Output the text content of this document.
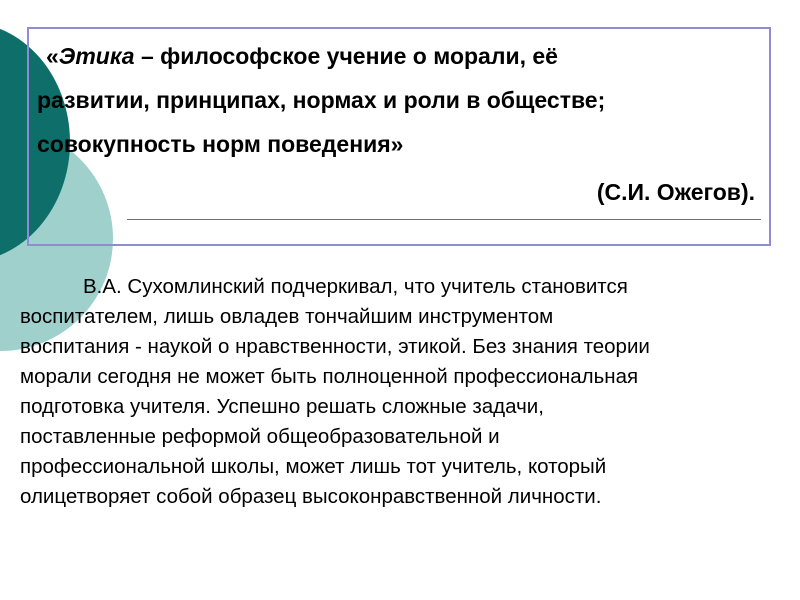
«Этика – философское учение о морали, её

развитии, принципах, нормах и роли в обществе;

совокупность норм поведения»

(С.И. Ожегов).

В.А. Сухомлинский подчеркивал, что учитель становится
воспитателем, лишь овладев тончайшим инструментом
воспитания - наукой о нравственности, этикой. Без знания теории
морали сегодня не может быть полноценной профессиональная
подготовка учителя. Успешно решать сложные задачи,
поставленные реформой общеобразовательной и
профессиональной школы, может лишь тот учитель, который
олицетворяет собой образец высоконравственной личности.
